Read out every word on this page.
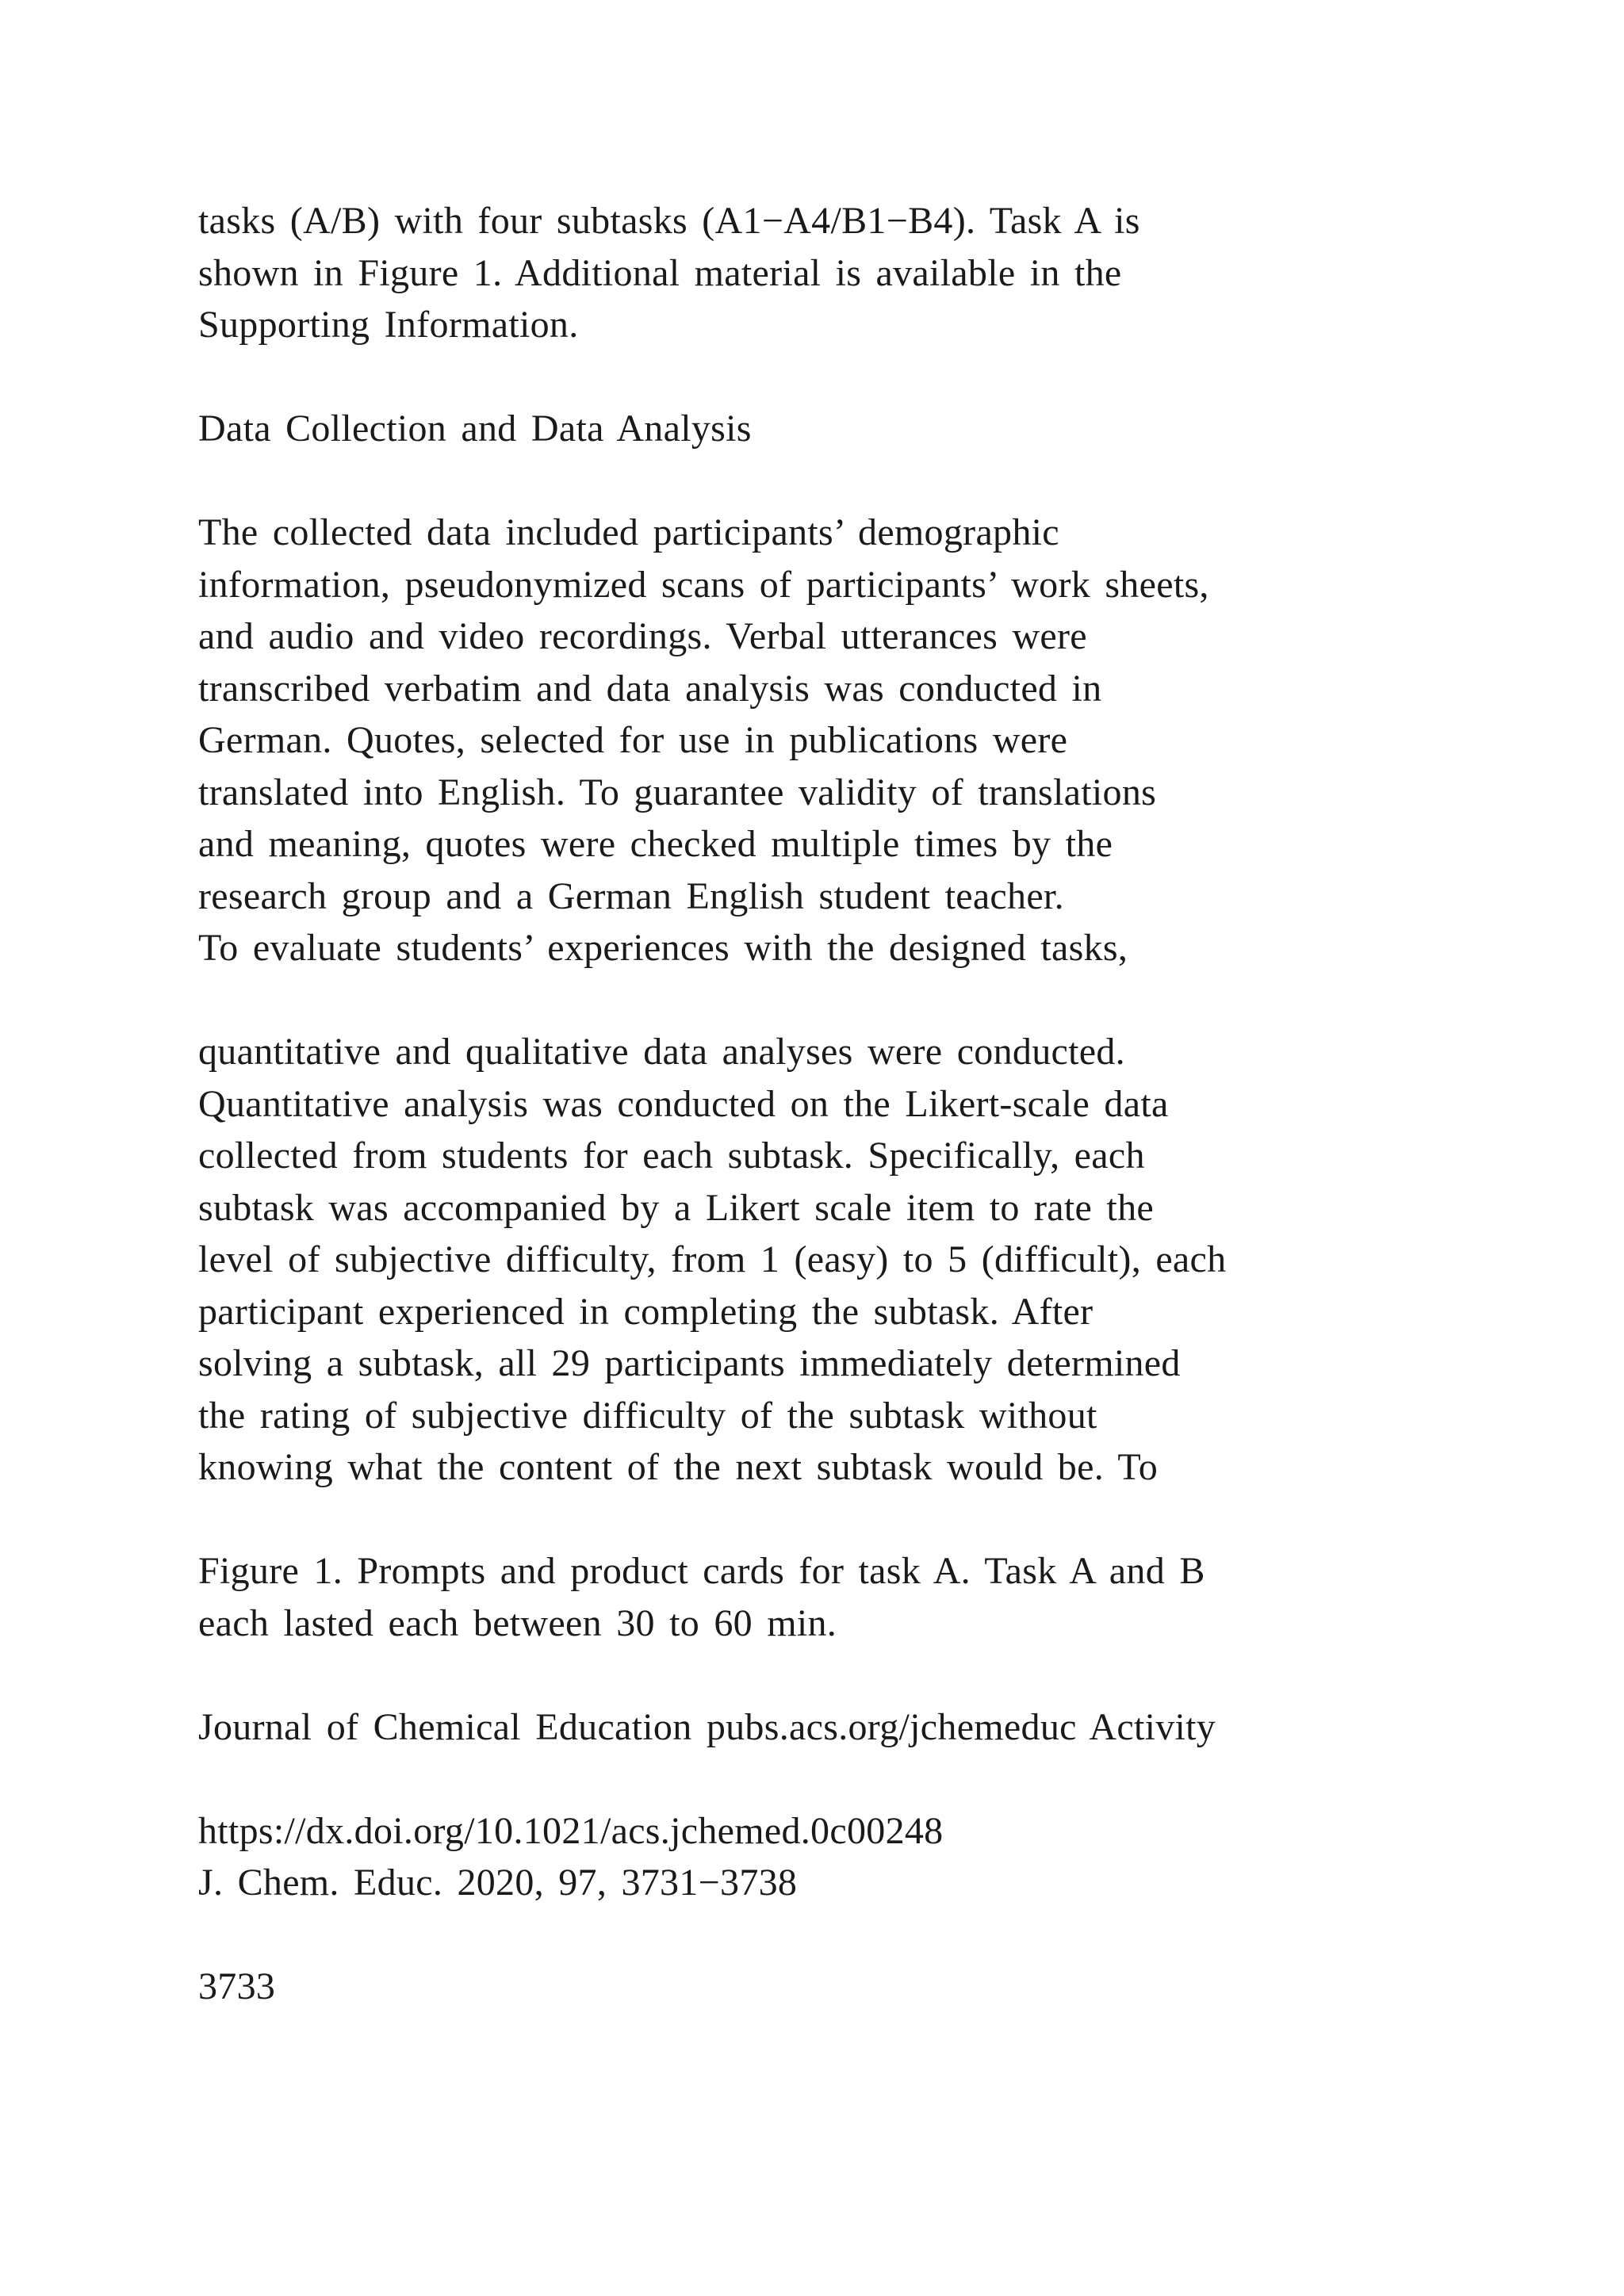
tasks (A/B) with four subtasks (A1−A4/B1−B4). Task A is
shown in Figure 1. Additional material is available in the
Supporting Information.
Data Collection and Data Analysis
The collected data included participants’ demographic
information, pseudonymized scans of participants’ work sheets,
and audio and video recordings. Verbal utterances were
transcribed verbatim and data analysis was conducted in
German. Quotes, selected for use in publications were
translated into English. To guarantee validity of translations
and meaning, quotes were checked multiple times by the
research group and a German English student teacher.
To evaluate students’ experiences with the designed tasks,
quantitative and qualitative data analyses were conducted.
Quantitative analysis was conducted on the Likert-scale data
collected from students for each subtask. Specifically, each
subtask was accompanied by a Likert scale item to rate the
level of subjective difficulty, from 1 (easy) to 5 (difficult), each
participant experienced in completing the subtask. After
solving a subtask, all 29 participants immediately determined
the rating of subjective difficulty of the subtask without
knowing what the content of the next subtask would be. To
Figure 1. Prompts and product cards for task A. Task A and B
each lasted each between 30 to 60 min.
Journal of Chemical Education pubs.acs.org/jchemeduc Activity
https://dx.doi.org/10.1021/acs.jchemed.0c00248
J. Chem. Educ. 2020, 97, 3731−3738
3733
